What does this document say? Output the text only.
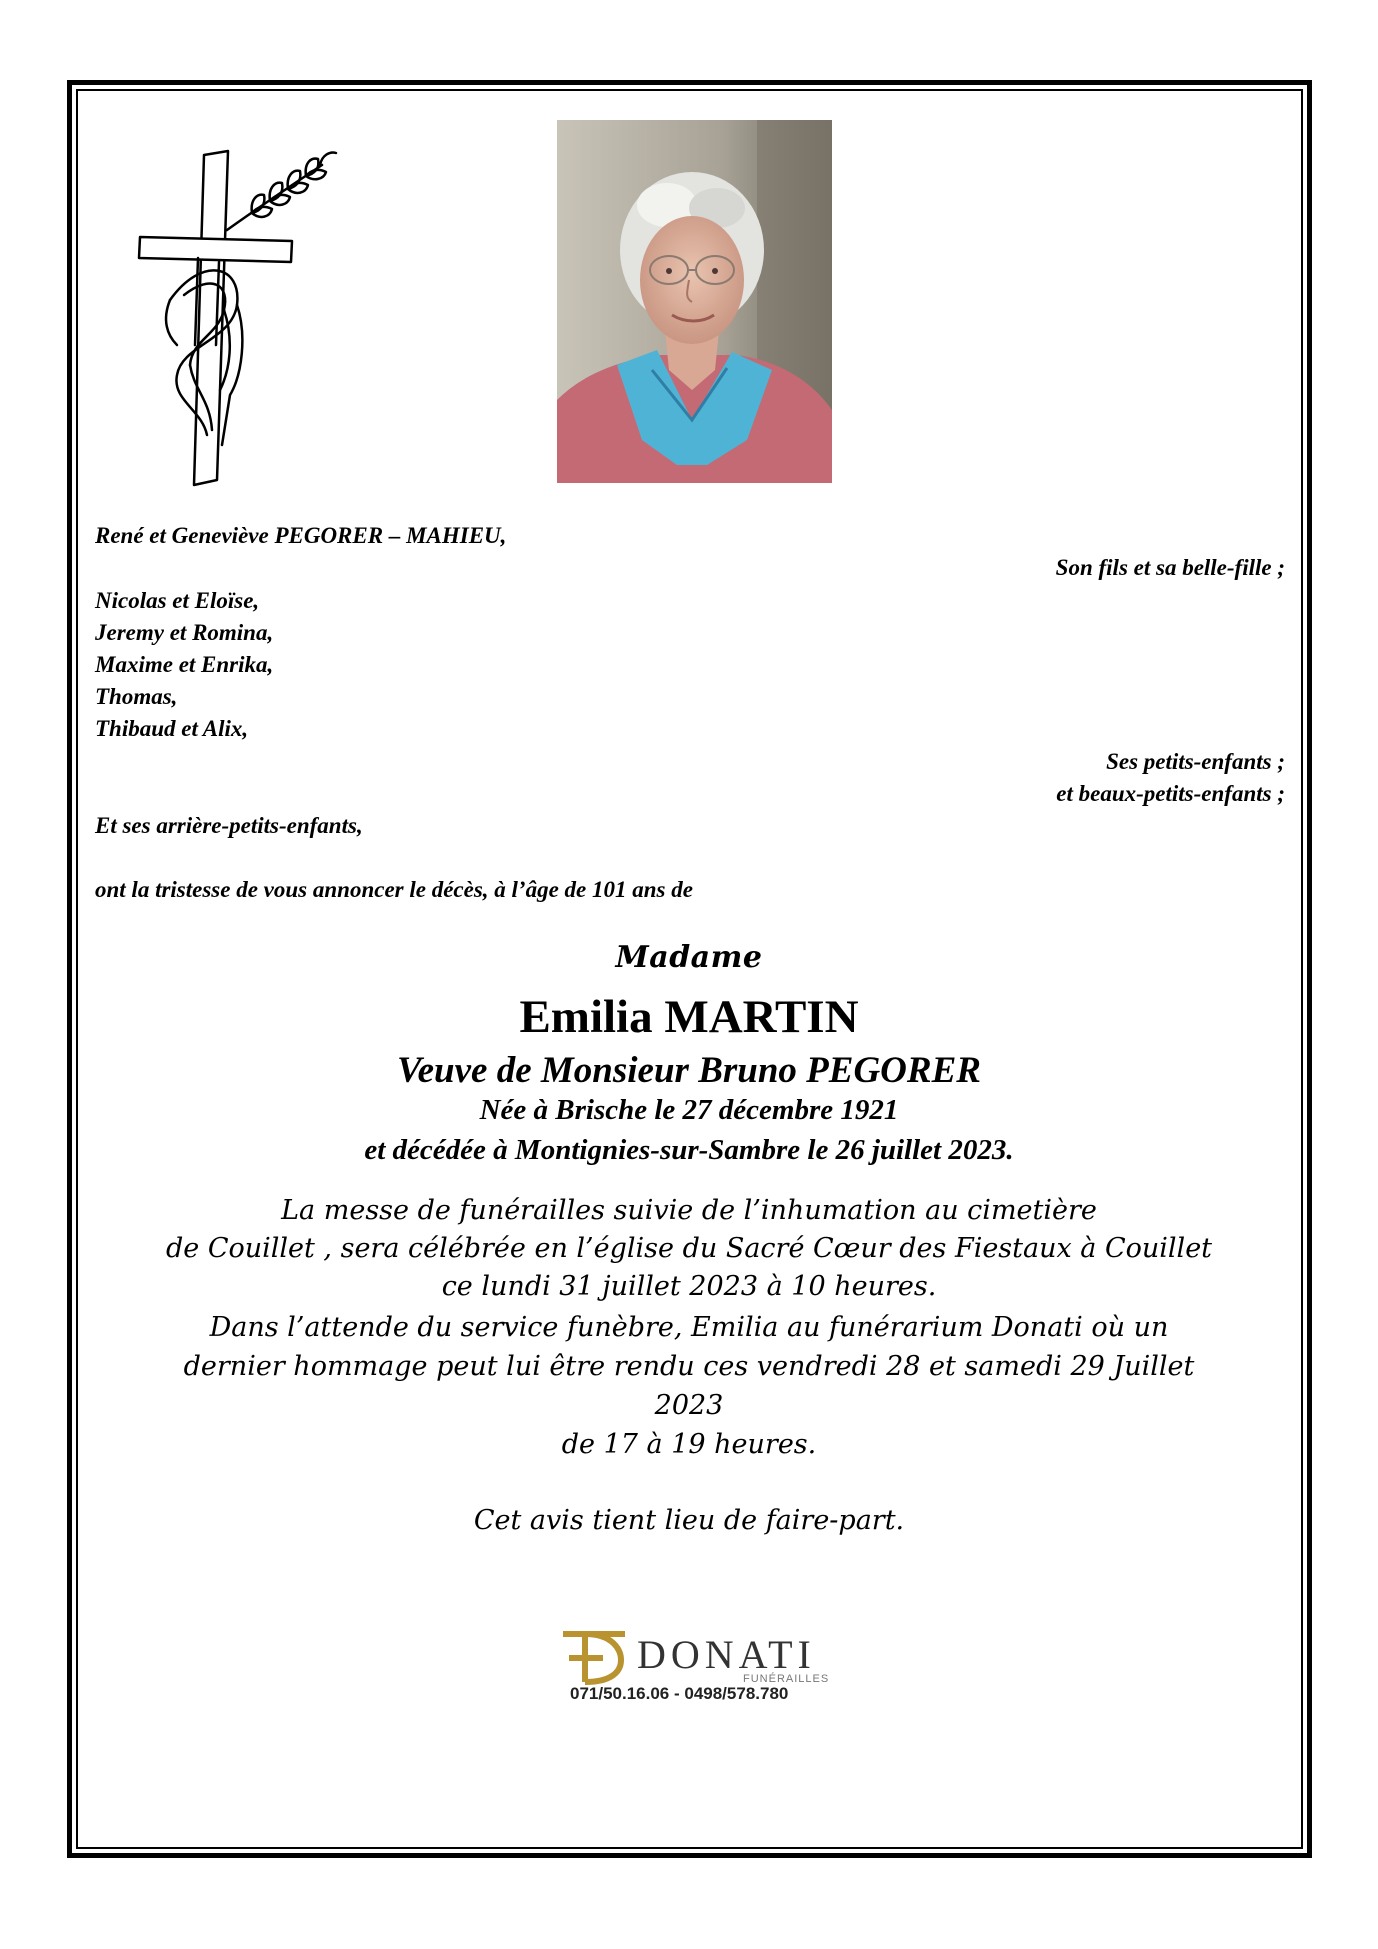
René et Geneviève PEGORER – MAHIEU,
Son fils et sa belle-fille ;
Nicolas et Eloïse,
Jeremy et Romina,
Maxime et Enrika,
Thomas,
Thibaud et Alix,
Ses petits-enfants ;
et beaux-petits-enfants ;
Et ses arrière-petits-enfants,
ont la tristesse de vous annoncer le décès, à l’âge de 101 ans de
Madame
Emilia MARTIN
Veuve de Monsieur Bruno PEGORER
Née à Brische le 27 décembre 1921
et décédée à Montignies-sur-Sambre le 26 juillet 2023.
La messe de funérailles suivie de l’inhumation au cimetière
de Couillet , sera célébrée en l’église du Sacré Cœur des Fiestaux à Couillet
ce lundi 31 juillet 2023 à 10 heures.
Dans l’attende du service funèbre, Emilia au funérarium Donati où un
dernier hommage peut lui être rendu ces vendredi 28 et samedi 29 Juillet
2023
de 17 à 19 heures.
Cet avis tient lieu de faire-part.
DONATI
FUNÉRAILLES
071/50.16.06 - 0498/578.780
